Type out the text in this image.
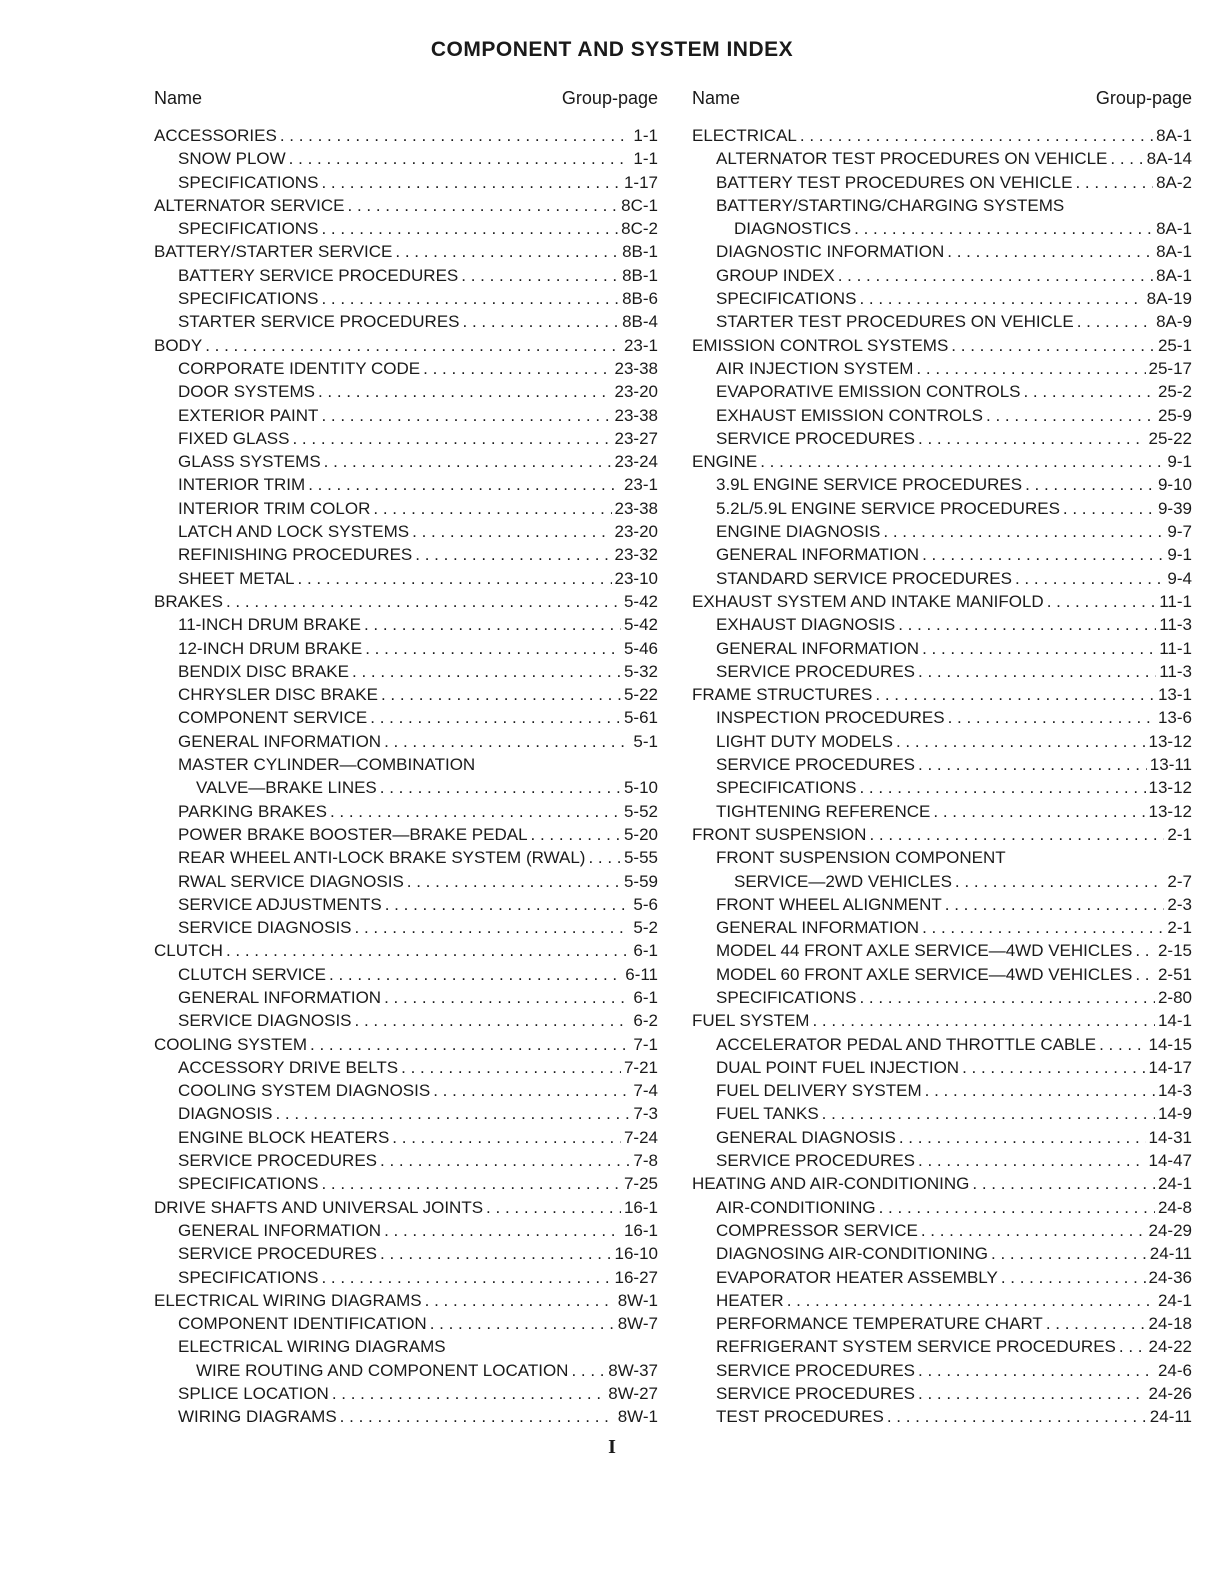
COMPONENT AND SYSTEM INDEX
Name	Group-page
ACCESSORIES . . .	1-1
SNOW PLOW . . .	1-1
SPECIFICATIONS . . .	1-17
ALTERNATOR SERVICE . . .	8C-1
SPECIFICATIONS . . .	8C-2
BATTERY/STARTER SERVICE . . .	8B-1
BATTERY SERVICE PROCEDURES . . .	8B-1
SPECIFICATIONS . . .	8B-6
STARTER SERVICE PROCEDURES . . .	8B-4
BODY . . .	23-1
CORPORATE IDENTITY CODE . . .	23-38
DOOR SYSTEMS . . .	23-20
EXTERIOR PAINT . . .	23-38
FIXED GLASS . . .	23-27
GLASS SYSTEMS . . .	23-24
INTERIOR TRIM . . .	23-1
INTERIOR TRIM COLOR . . .	23-38
LATCH AND LOCK SYSTEMS . . .	23-20
REFINISHING PROCEDURES . . .	23-32
SHEET METAL . . .	23-10
BRAKES . . .	5-42
11-INCH DRUM BRAKE . . .	5-42
12-INCH DRUM BRAKE . . .	5-46
BENDIX DISC BRAKE . . .	5-32
CHRYSLER DISC BRAKE . . .	5-22
COMPONENT SERVICE . . .	5-61
GENERAL INFORMATION . . .	5-1
MASTER CYLINDER—COMBINATION
VALVE—BRAKE LINES . . .	5-10
PARKING BRAKES . . .	5-52
POWER BRAKE BOOSTER—BRAKE PEDAL . . .	5-20
REAR WHEEL ANTI-LOCK BRAKE SYSTEM (RWAL) . . . 5-55
RWAL SERVICE DIAGNOSIS . . .	5-59
SERVICE ADJUSTMENTS . . .	5-6
SERVICE DIAGNOSIS . . .	5-2
CLUTCH . . .	6-1
CLUTCH SERVICE . . .	6-11
GENERAL INFORMATION . . .	6-1
SERVICE DIAGNOSIS . . .	6-2
COOLING SYSTEM . . .	7-1
ACCESSORY DRIVE BELTS . . .	7-21
COOLING SYSTEM DIAGNOSIS . . .	7-4
DIAGNOSIS . . .	7-3
ENGINE BLOCK HEATERS . . .	7-24
SERVICE PROCEDURES . . .	7-8
SPECIFICATIONS . . .	7-25
DRIVE SHAFTS AND UNIVERSAL JOINTS . . .	16-1
GENERAL INFORMATION . . .	16-1
SERVICE PROCEDURES . . .	16-10
SPECIFICATIONS . . .	16-27
ELECTRICAL WIRING DIAGRAMS . . .	8W-1
COMPONENT IDENTIFICATION . . .	8W-7
ELECTRICAL WIRING DIAGRAMS
WIRE ROUTING AND COMPONENT LOCATION . . . 8W-37
SPLICE LOCATION . . .	8W-27
WIRING DIAGRAMS . . .	8W-1
Name	Group-page
ELECTRICAL . . .	8A-1
ALTERNATOR TEST PROCEDURES ON VEHICLE . . . 8A-14
BATTERY TEST PROCEDURES ON VEHICLE . . .	8A-2
BATTERY/STARTING/CHARGING SYSTEMS
DIAGNOSTICS . . .	8A-1
DIAGNOSTIC INFORMATION . . .	8A-1
GROUP INDEX . . .	8A-1
SPECIFICATIONS . . .	8A-19
STARTER TEST PROCEDURES ON VEHICLE . . .	8A-9
EMISSION CONTROL SYSTEMS . . .	25-1
AIR INJECTION SYSTEM . . .	25-17
EVAPORATIVE EMISSION CONTROLS . . .	25-2
EXHAUST EMISSION CONTROLS . . .	25-9
SERVICE PROCEDURES . . .	25-22
ENGINE . . .	9-1
3.9L ENGINE SERVICE PROCEDURES . . .	9-10
5.2L/5.9L ENGINE SERVICE PROCEDURES . . .	9-39
ENGINE DIAGNOSIS . . .	9-7
GENERAL INFORMATION . . .	9-1
STANDARD SERVICE PROCEDURES . . .	9-4
EXHAUST SYSTEM AND INTAKE MANIFOLD . . .	11-1
EXHAUST DIAGNOSIS . . .	11-3
GENERAL INFORMATION . . .	11-1
SERVICE PROCEDURES . . .	11-3
FRAME STRUCTURES . . .	13-1
INSPECTION PROCEDURES . . .	13-6
LIGHT DUTY MODELS . . .	13-12
SERVICE PROCEDURES . . .	13-11
SPECIFICATIONS . . .	13-12
TIGHTENING REFERENCE . . .	13-12
FRONT SUSPENSION . . .	2-1
FRONT SUSPENSION COMPONENT
SERVICE—2WD VEHICLES . . .	2-7
FRONT WHEEL ALIGNMENT . . .	2-3
GENERAL INFORMATION . . .	2-1
MODEL 44 FRONT AXLE SERVICE—4WD VEHICLES . . . 2-15
MODEL 60 FRONT AXLE SERVICE—4WD VEHICLES . . . 2-51
SPECIFICATIONS . . .	2-80
FUEL SYSTEM . . .	14-1
ACCELERATOR PEDAL AND THROTTLE CABLE . . .	14-15
DUAL POINT FUEL INJECTION . . .	14-17
FUEL DELIVERY SYSTEM . . .	14-3
FUEL TANKS . . .	14-9
GENERAL DIAGNOSIS . . .	14-31
SERVICE PROCEDURES . . .	14-47
HEATING AND AIR-CONDITIONING . . .	24-1
AIR-CONDITIONING . . .	24-8
COMPRESSOR SERVICE . . .	24-29
DIAGNOSING AIR-CONDITIONING . . .	24-11
EVAPORATOR HEATER ASSEMBLY . . .	24-36
HEATER . . .	24-1
PERFORMANCE TEMPERATURE CHART . . .	24-18
REFRIGERANT SYSTEM SERVICE PROCEDURES . . . 24-22
SERVICE PROCEDURES . . .	24-6
SERVICE PROCEDURES . . .	24-26
TEST PROCEDURES . . .	24-11
I
